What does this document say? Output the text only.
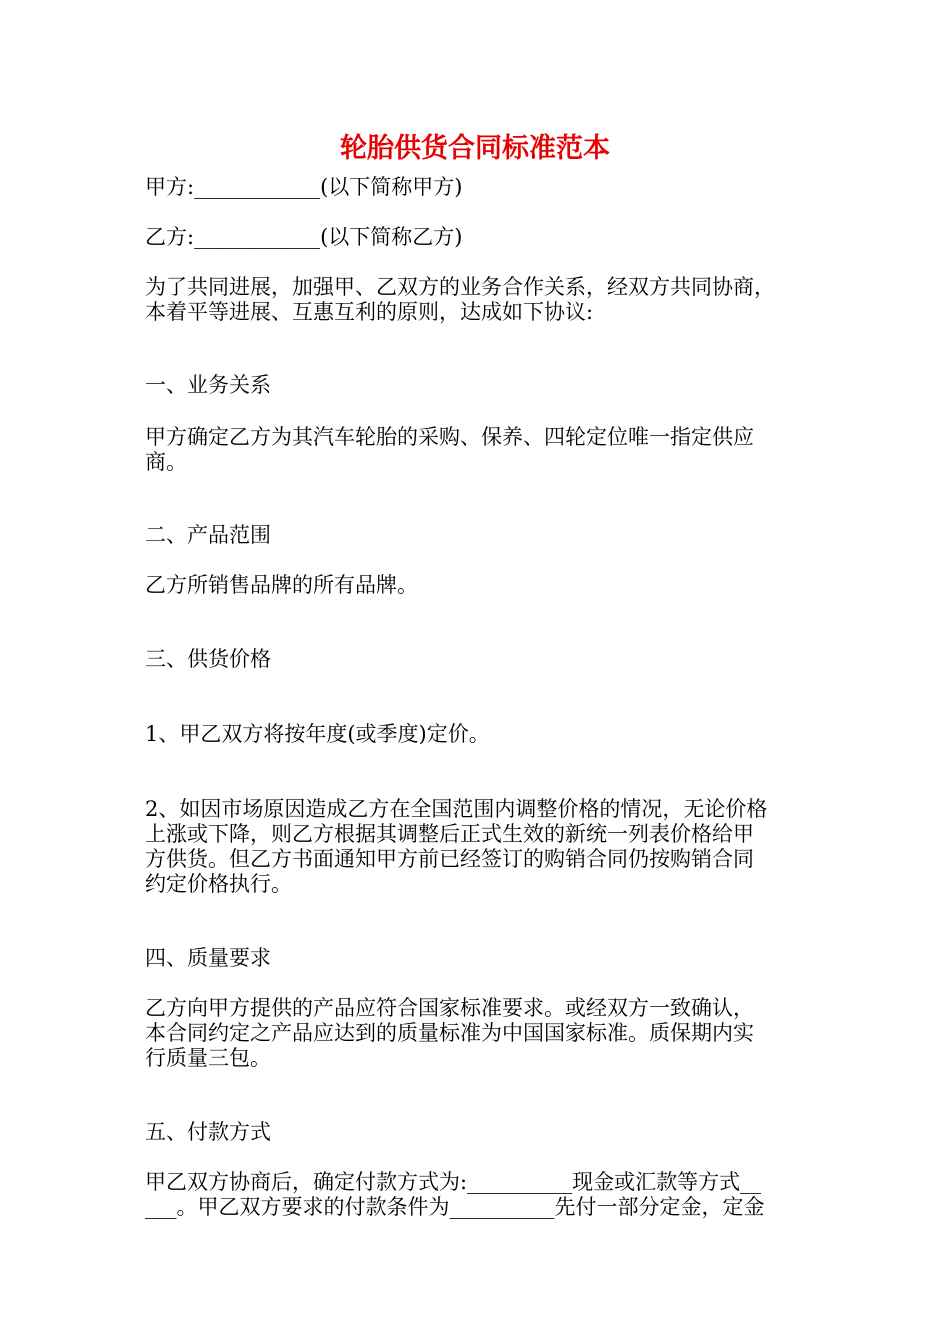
轮胎供货合同标准范本

甲方:____________(以下简称甲方)

乙方:____________(以下简称乙方)

为了共同进展，加强甲、乙双方的业务合作关系，经双方共同协商，

本着平等进展、互惠互利的原则，达成如下协议:

一、业务关系

甲方确定乙方为其汽车轮胎的采购、保养、四轮定位唯一指定供应

商。

二、产品范围

乙方所销售品牌的所有品牌。

三、供货价格

1、甲乙双方将按年度(或季度)定价。

2、如因市场原因造成乙方在全国范围内调整价格的情况，无论价格

上涨或下降，则乙方根据其调整后正式生效的新统一列表价格给甲

方供货。但乙方书面通知甲方前已经签订的购销合同仍按购销合同

约定价格执行。

四、质量要求

乙方向甲方提供的产品应符合国家标准要求。或经双方一致确认，

本合同约定之产品应达到的质量标准为中国国家标准。质保期内实

行质量三包。

五、付款方式

甲乙双方协商后，确定付款方式为:__________现金或汇款等方式__

___。甲乙双方要求的付款条件为__________先付一部分定金，定金
